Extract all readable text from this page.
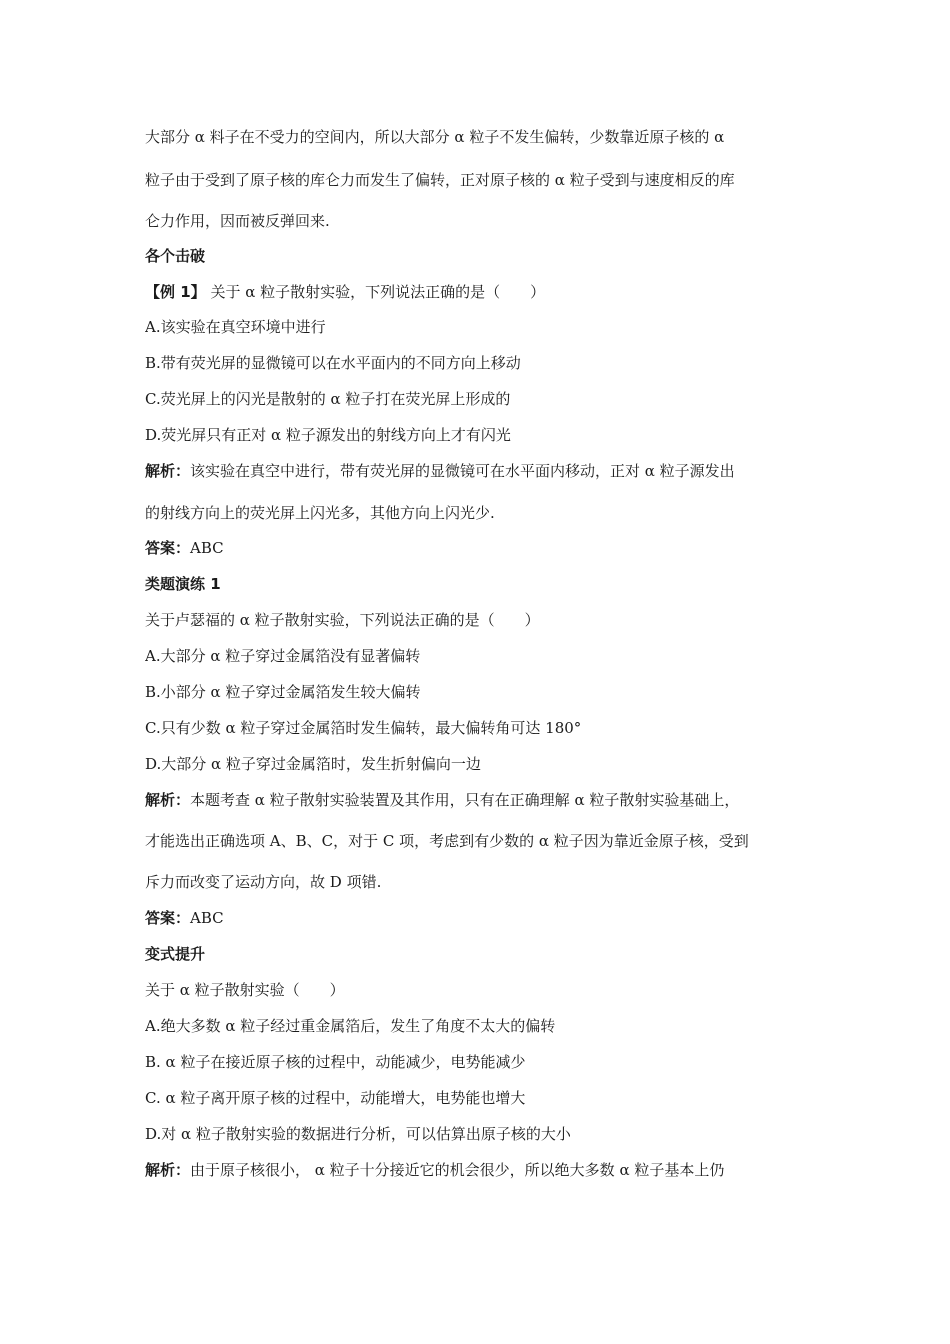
大部分 α 料子在不受力的空间内，所以大部分 α 粒子不发生偏转，少数靠近原子核的 α
粒子由于受到了原子核的库仑力而发生了偏转，正对原子核的 α 粒子受到与速度相反的库
仑力作用，因而被反弹回来.
各个击破
【例 1】 关于 α 粒子散射实验，下列说法正确的是（　　）
A.该实验在真空环境中进行
B.带有荧光屏的显微镜可以在水平面内的不同方向上移动
C.荧光屏上的闪光是散射的 α 粒子打在荧光屏上形成的
D.荧光屏只有正对 α 粒子源发出的射线方向上才有闪光
解析：该实验在真空中进行，带有荧光屏的显微镜可在水平面内移动，正对 α 粒子源发出
的射线方向上的荧光屏上闪光多，其他方向上闪光少.
答案：ABC
类题演练 1
关于卢瑟福的 α 粒子散射实验，下列说法正确的是（　　）
A.大部分 α 粒子穿过金属箔没有显著偏转
B.小部分 α 粒子穿过金属箔发生较大偏转
C.只有少数 α 粒子穿过金属箔时发生偏转，最大偏转角可达 180°
D.大部分 α 粒子穿过金属箔时，发生折射偏向一边
解析：本题考查 α 粒子散射实验装置及其作用，只有在正确理解 α 粒子散射实验基础上，
才能选出正确选项 A、B、C，对于 C 项，考虑到有少数的 α 粒子因为靠近金原子核，受到
斥力而改变了运动方向，故 D 项错.
答案：ABC
变式提升
关于 α 粒子散射实验（　　）
A.绝大多数 α 粒子经过重金属箔后，发生了角度不太大的偏转
B. α 粒子在接近原子核的过程中，动能减少，电势能减少
C. α 粒子离开原子核的过程中，动能增大，电势能也增大
D.对 α 粒子散射实验的数据进行分析，可以估算出原子核的大小
解析：由于原子核很小， α 粒子十分接近它的机会很少，所以绝大多数 α 粒子基本上仍
